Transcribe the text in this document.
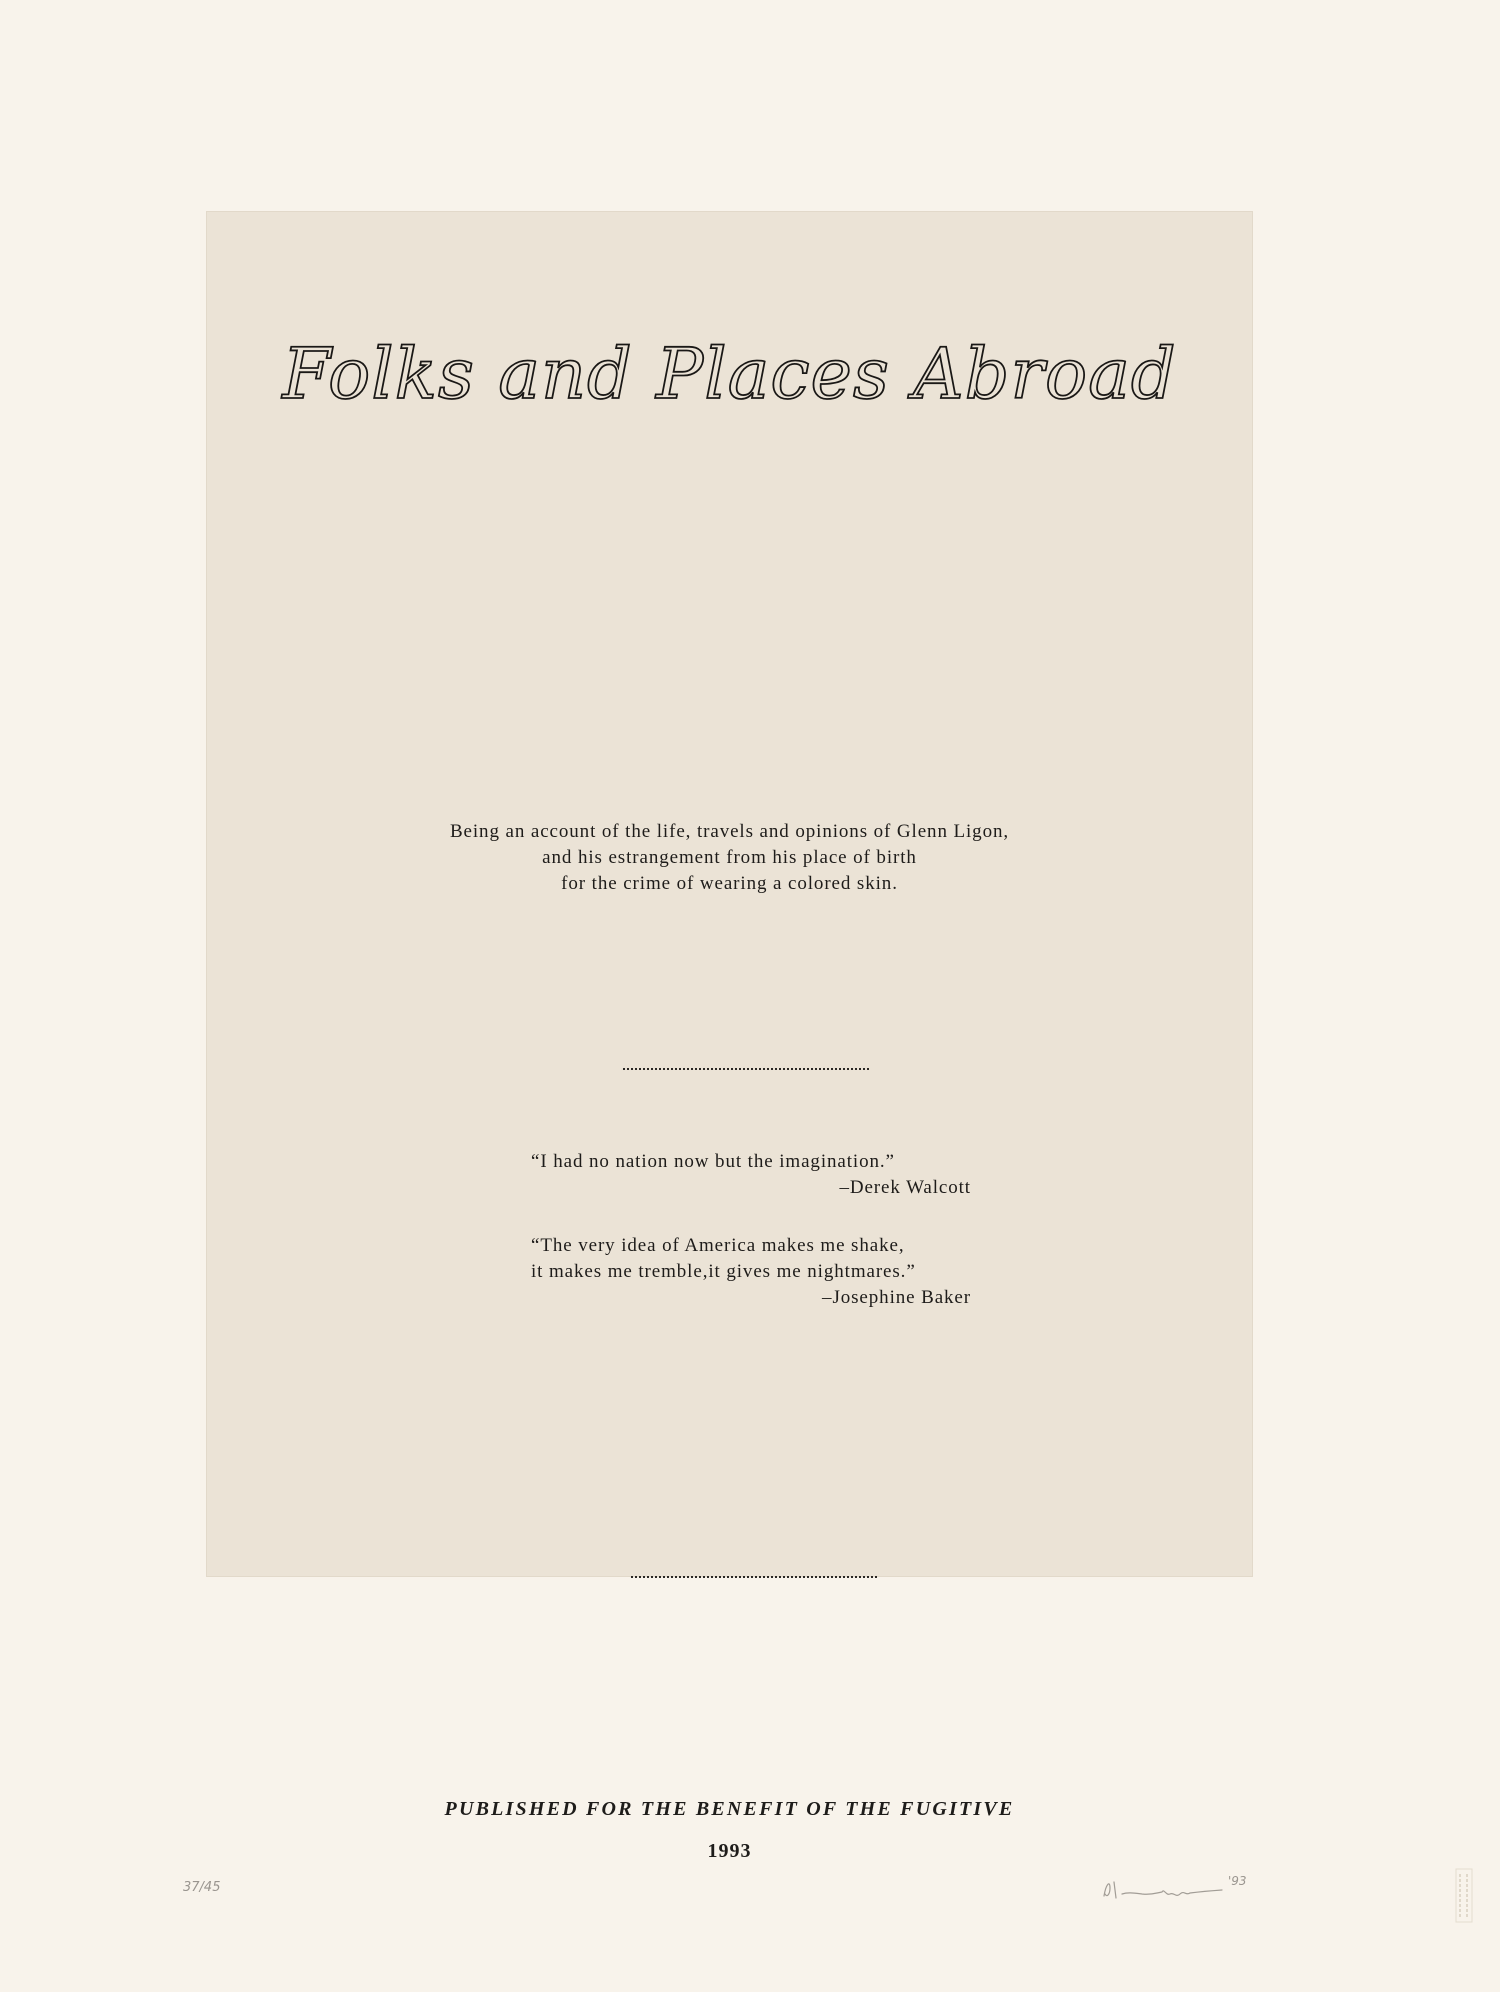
Folks and Places Abroad
Being an account of the life, travels and opinions of Glenn Ligon,
and his estrangement from his place of birth
for the crime of wearing a colored skin.
“I had no nation now but the imagination.”
–Derek Walcott
“The very idea of America makes me shake,
it makes me tremble,it gives me nightmares.”
–Josephine Baker
PUBLISHED FOR THE BENEFIT OF THE FUGITIVE
1993
37/45	'93
